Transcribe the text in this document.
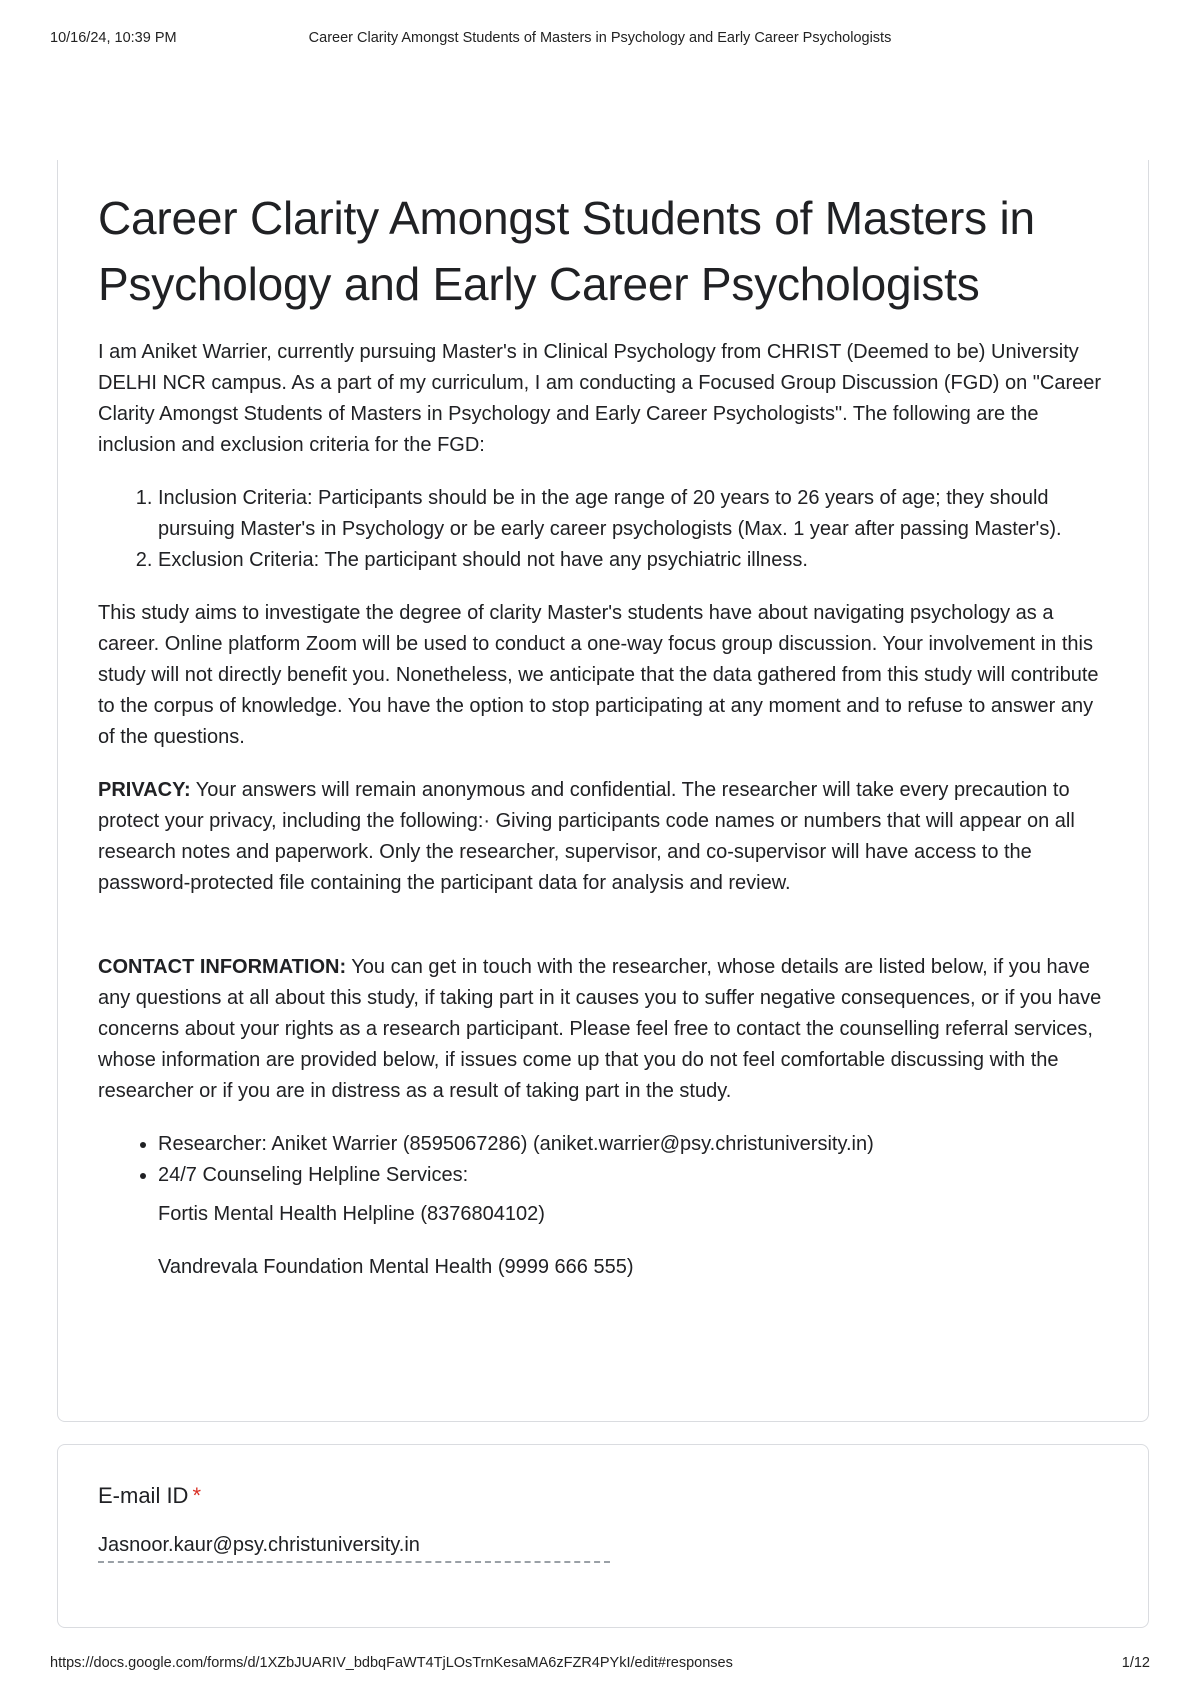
10/16/24, 10:39 PM	Career Clarity Amongst Students of Masters in Psychology and Early Career Psychologists
Career Clarity Amongst Students of Masters in Psychology and Early Career Psychologists

I am Aniket Warrier, currently pursuing Master's in Clinical Psychology from CHRIST (Deemed to be) University DELHI NCR campus. As a part of my curriculum, I am conducting a Focused Group Discussion (FGD) on "Career Clarity Amongst Students of Masters in Psychology and Early Career Psychologists". The following are the inclusion and exclusion criteria for the FGD:

1. Inclusion Criteria: Participants should be in the age range of 20 years to 26 years of age; they should pursuing Master's in Psychology or be early career psychologists (Max. 1 year after passing Master's).
2. Exclusion Criteria: The participant should not have any psychiatric illness.

This study aims to investigate the degree of clarity Master's students have about navigating psychology as a career. Online platform Zoom will be used to conduct a one-way focus group discussion. Your involvement in this study will not directly benefit you. Nonetheless, we anticipate that the data gathered from this study will contribute to the corpus of knowledge. You have the option to stop participating at any moment and to refuse to answer any of the questions.

PRIVACY: Your answers will remain anonymous and confidential. The researcher will take every precaution to protect your privacy, including the following:· Giving participants code names or numbers that will appear on all research notes and paperwork. Only the researcher, supervisor, and co-supervisor will have access to the password-protected file containing the participant data for analysis and review.

CONTACT INFORMATION: You can get in touch with the researcher, whose details are listed below, if you have any questions at all about this study, if taking part in it causes you to suffer negative consequences, or if you have concerns about your rights as a research participant. Please feel free to contact the counselling referral services, whose information are provided below, if issues come up that you do not feel comfortable discussing with the researcher or if you are in distress as a result of taking part in the study.

• Researcher: Aniket Warrier (8595067286) (aniket.warrier@psy.christuniversity.in)
• 24/7 Counseling Helpline Services:

Fortis Mental Health Helpline (8376804102)

Vandrevala Foundation Mental Health (9999 666 555)

E-mail ID *
Jasnoor.kaur@psy.christuniversity.in
https://docs.google.com/forms/d/1XZbJUARIV_bdbqFaWT4TjLOsTrnKesaMA6zFZR4PYkI/edit#responses	1/12
